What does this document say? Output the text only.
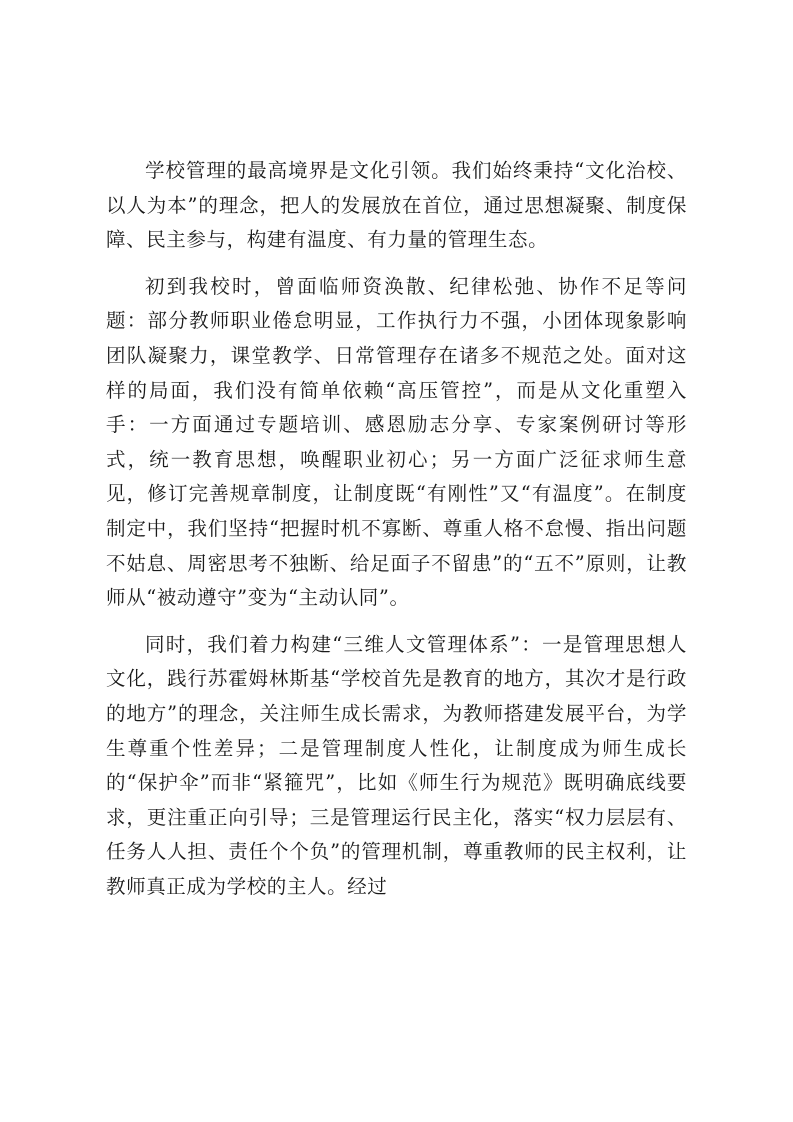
学校管理的最高境界是文化引领。我们始终秉持“文化治校、以人为本”的理念，把人的发展放在首位，通过思想凝聚、制度保障、民主参与，构建有温度、有力量的管理生态。

初到我校时，曾面临师资涣散、纪律松弛、协作不足等问题：部分教师职业倦怠明显，工作执行力不强，小团体现象影响团队凝聚力，课堂教学、日常管理存在诸多不规范之处。面对这样的局面，我们没有简单依赖“高压管控”，而是从文化重塑入手：一方面通过专题培训、感恩励志分享、专家案例研讨等形式，统一教育思想，唤醒职业初心；另一方面广泛征求师生意见，修订完善规章制度，让制度既“有刚性”又“有温度”。在制度制定中，我们坚持“把握时机不寡断、尊重人格不怠慢、指出问题不姑息、周密思考不独断、给足面子不留患”的“五不”原则，让教师从“被动遵守”变为“主动认同”。

同时，我们着力构建“三维人文管理体系”：一是管理思想人文化，践行苏霍姆林斯基“学校首先是教育的地方，其次才是行政的地方”的理念，关注师生成长需求，为教师搭建发展平台，为学生尊重个性差异；二是管理制度人性化，让制度成为师生成长的“保护伞”而非“紧箍咒”，比如《师生行为规范》既明确底线要求，更注重正向引导；三是管理运行民主化，落实“权力层层有、任务人人担、责任个个负”的管理机制，尊重教师的民主权利，让教师真正成为学校的主人。经过
